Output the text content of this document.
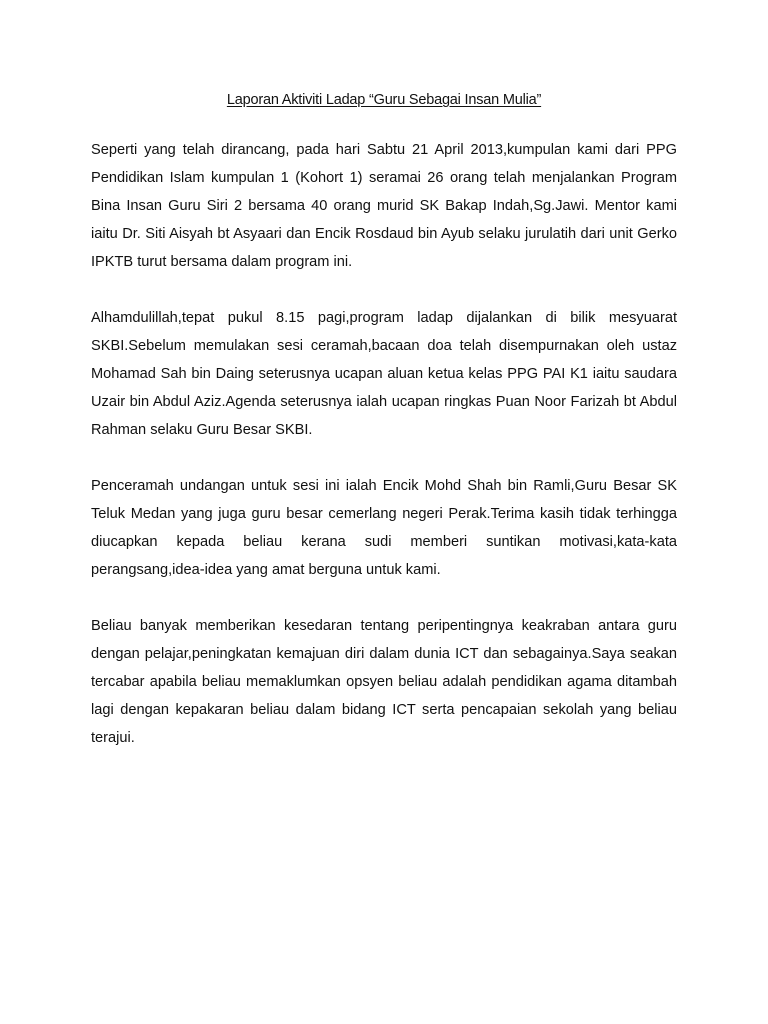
Laporan Aktiviti Ladap “Guru Sebagai Insan Mulia”

Seperti yang telah dirancang, pada hari Sabtu 21 April 2013,kumpulan kami dari PPG Pendidikan Islam kumpulan 1 (Kohort 1) seramai 26 orang telah menjalankan Program Bina Insan Guru Siri 2 bersama 40 orang murid SK Bakap Indah,Sg.Jawi. Mentor kami iaitu Dr. Siti Aisyah bt Asyaari dan Encik Rosdaud bin Ayub selaku jurulatih dari unit Gerko IPKTB turut bersama dalam program ini.

Alhamdulillah,tepat pukul 8.15 pagi,program ladap dijalankan di bilik mesyuarat SKBI.Sebelum memulakan sesi ceramah,bacaan doa telah disempurnakan oleh ustaz Mohamad Sah bin Daing seterusnya ucapan aluan ketua kelas PPG PAI K1 iaitu saudara Uzair bin Abdul Aziz.Agenda seterusnya ialah ucapan ringkas Puan Noor Farizah bt Abdul Rahman selaku Guru Besar SKBI.

Penceramah undangan untuk sesi ini ialah Encik Mohd Shah bin Ramli,Guru Besar SK Teluk Medan yang juga guru besar cemerlang negeri Perak.Terima kasih tidak terhingga diucapkan kepada beliau kerana sudi memberi suntikan motivasi,kata-kata perangsang,idea-idea yang amat berguna untuk kami.

Beliau banyak memberikan kesedaran tentang peripentingnya keakraban antara guru dengan pelajar,peningkatan kemajuan diri dalam dunia ICT dan sebagainya.Saya seakan tercabar apabila beliau memaklumkan opsyen beliau adalah pendidikan agama ditambah lagi dengan kepakaran beliau dalam bidang ICT serta pencapaian sekolah yang beliau terajui.
